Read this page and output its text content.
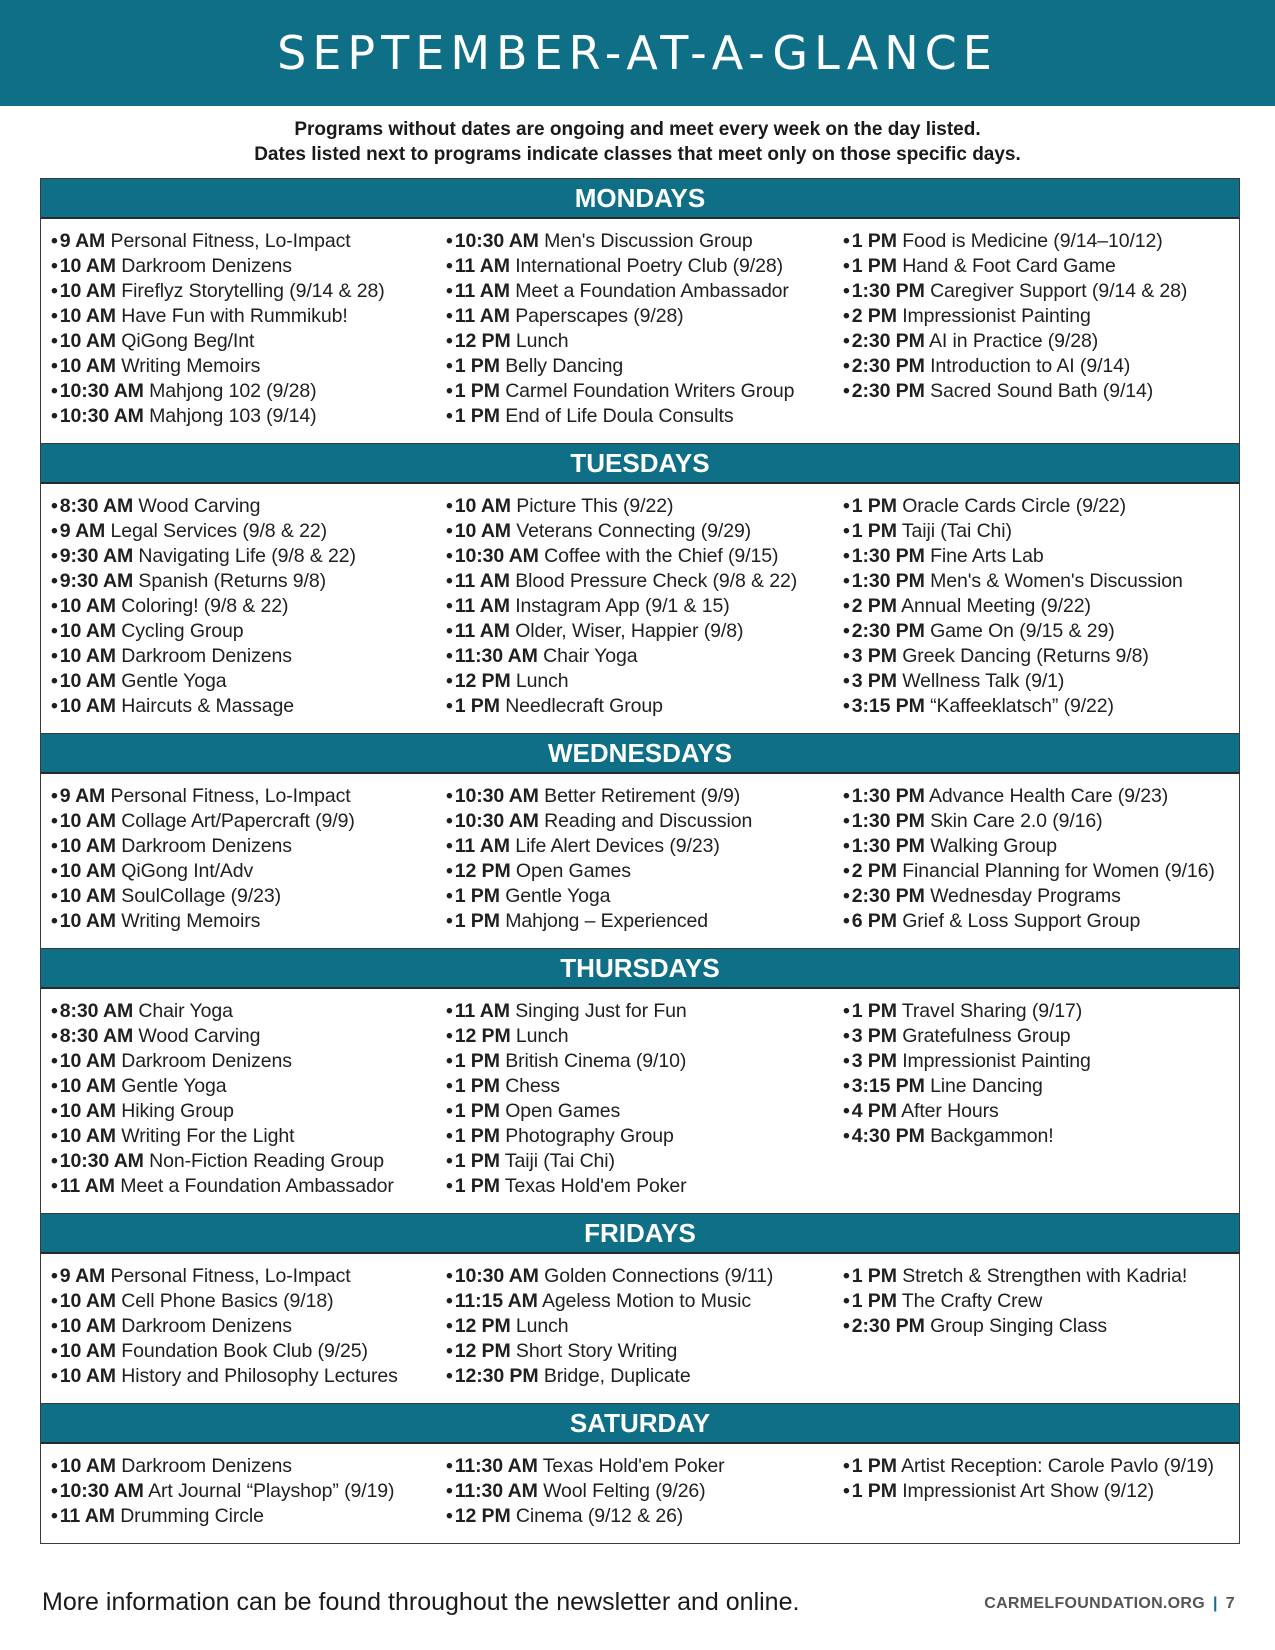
SEPTEMBER-AT-A-GLANCE
Programs without dates are ongoing and meet every week on the day listed.
Dates listed next to programs indicate classes that meet only on those specific days.
MONDAYS
• 9 AM Personal Fitness, Lo-Impact
• 10 AM Darkroom Denizens
• 10 AM Fireflyz Storytelling (9/14 & 28)
• 10 AM Have Fun with Rummikub!
• 10 AM QiGong Beg/Int
• 10 AM Writing Memoirs
• 10:30 AM Mahjong 102 (9/28)
• 10:30 AM Mahjong 103 (9/14)
• 10:30 AM Men's Discussion Group
• 11 AM International Poetry Club (9/28)
• 11 AM Meet a Foundation Ambassador
• 11 AM Paperscapes (9/28)
• 12 PM Lunch
• 1 PM Belly Dancing
• 1 PM Carmel Foundation Writers Group
• 1 PM End of Life Doula Consults
• 1 PM Food is Medicine (9/14–10/12)
• 1 PM Hand & Foot Card Game
• 1:30 PM Caregiver Support (9/14 & 28)
• 2 PM Impressionist Painting
• 2:30 PM AI in Practice (9/28)
• 2:30 PM Introduction to AI (9/14)
• 2:30 PM Sacred Sound Bath (9/14)
TUESDAYS
• 8:30 AM Wood Carving
• 9 AM Legal Services (9/8 & 22)
• 9:30 AM Navigating Life (9/8 & 22)
• 9:30 AM Spanish (Returns 9/8)
• 10 AM Coloring! (9/8 & 22)
• 10 AM Cycling Group
• 10 AM Darkroom Denizens
• 10 AM Gentle Yoga
• 10 AM Haircuts & Massage
• 10 AM Picture This (9/22)
• 10 AM Veterans Connecting (9/29)
• 10:30 AM Coffee with the Chief (9/15)
• 11 AM Blood Pressure Check (9/8 & 22)
• 11 AM Instagram App (9/1 & 15)
• 11 AM Older, Wiser, Happier (9/8)
• 11:30 AM Chair Yoga
• 12 PM Lunch
• 1 PM Needlecraft Group
• 1 PM Oracle Cards Circle (9/22)
• 1 PM Taiji (Tai Chi)
• 1:30 PM Fine Arts Lab
• 1:30 PM Men's & Women's Discussion
• 2 PM Annual Meeting (9/22)
• 2:30 PM Game On (9/15 & 29)
• 3 PM Greek Dancing (Returns 9/8)
• 3 PM Wellness Talk (9/1)
• 3:15 PM “Kaffeeklatsch” (9/22)
WEDNESDAYS
• 9 AM Personal Fitness, Lo-Impact
• 10 AM Collage Art/Papercraft (9/9)
• 10 AM Darkroom Denizens
• 10 AM QiGong Int/Adv
• 10 AM SoulCollage (9/23)
• 10 AM Writing Memoirs
• 10:30 AM Better Retirement (9/9)
• 10:30 AM Reading and Discussion
• 11 AM Life Alert Devices (9/23)
• 12 PM Open Games
• 1 PM Gentle Yoga
• 1 PM Mahjong – Experienced
• 1:30 PM Advance Health Care (9/23)
• 1:30 PM Skin Care 2.0 (9/16)
• 1:30 PM Walking Group
• 2 PM Financial Planning for Women (9/16)
• 2:30 PM Wednesday Programs
• 6 PM Grief & Loss Support Group
THURSDAYS
• 8:30 AM Chair Yoga
• 8:30 AM Wood Carving
• 10 AM Darkroom Denizens
• 10 AM Gentle Yoga
• 10 AM Hiking Group
• 10 AM Writing For the Light
• 10:30 AM Non-Fiction Reading Group
• 11 AM Meet a Foundation Ambassador
• 11 AM Singing Just for Fun
• 12 PM Lunch
• 1 PM British Cinema (9/10)
• 1 PM Chess
• 1 PM Open Games
• 1 PM Photography Group
• 1 PM Taiji (Tai Chi)
• 1 PM Texas Hold'em Poker
• 1 PM Travel Sharing (9/17)
• 3 PM Gratefulness Group
• 3 PM Impressionist Painting
• 3:15 PM Line Dancing
• 4 PM After Hours
• 4:30 PM Backgammon!
FRIDAYS
• 9 AM Personal Fitness, Lo-Impact
• 10 AM Cell Phone Basics (9/18)
• 10 AM Darkroom Denizens
• 10 AM Foundation Book Club (9/25)
• 10 AM History and Philosophy Lectures
• 10:30 AM Golden Connections (9/11)
• 11:15 AM Ageless Motion to Music
• 12 PM Lunch
• 12 PM Short Story Writing
• 12:30 PM Bridge, Duplicate
• 1 PM Stretch & Strengthen with Kadria!
• 1 PM The Crafty Crew
• 2:30 PM Group Singing Class
SATURDAY
• 10 AM Darkroom Denizens
• 10:30 AM Art Journal “Playshop” (9/19)
• 11 AM Drumming Circle
• 11:30 AM Texas Hold'em Poker
• 11:30 AM Wool Felting (9/26)
• 12 PM Cinema (9/12 & 26)
• 1 PM Artist Reception: Carole Pavlo (9/19)
• 1 PM Impressionist Art Show (9/12)
More information can be found throughout the newsletter and online.	CARMELFOUNDATION.ORG | 7
